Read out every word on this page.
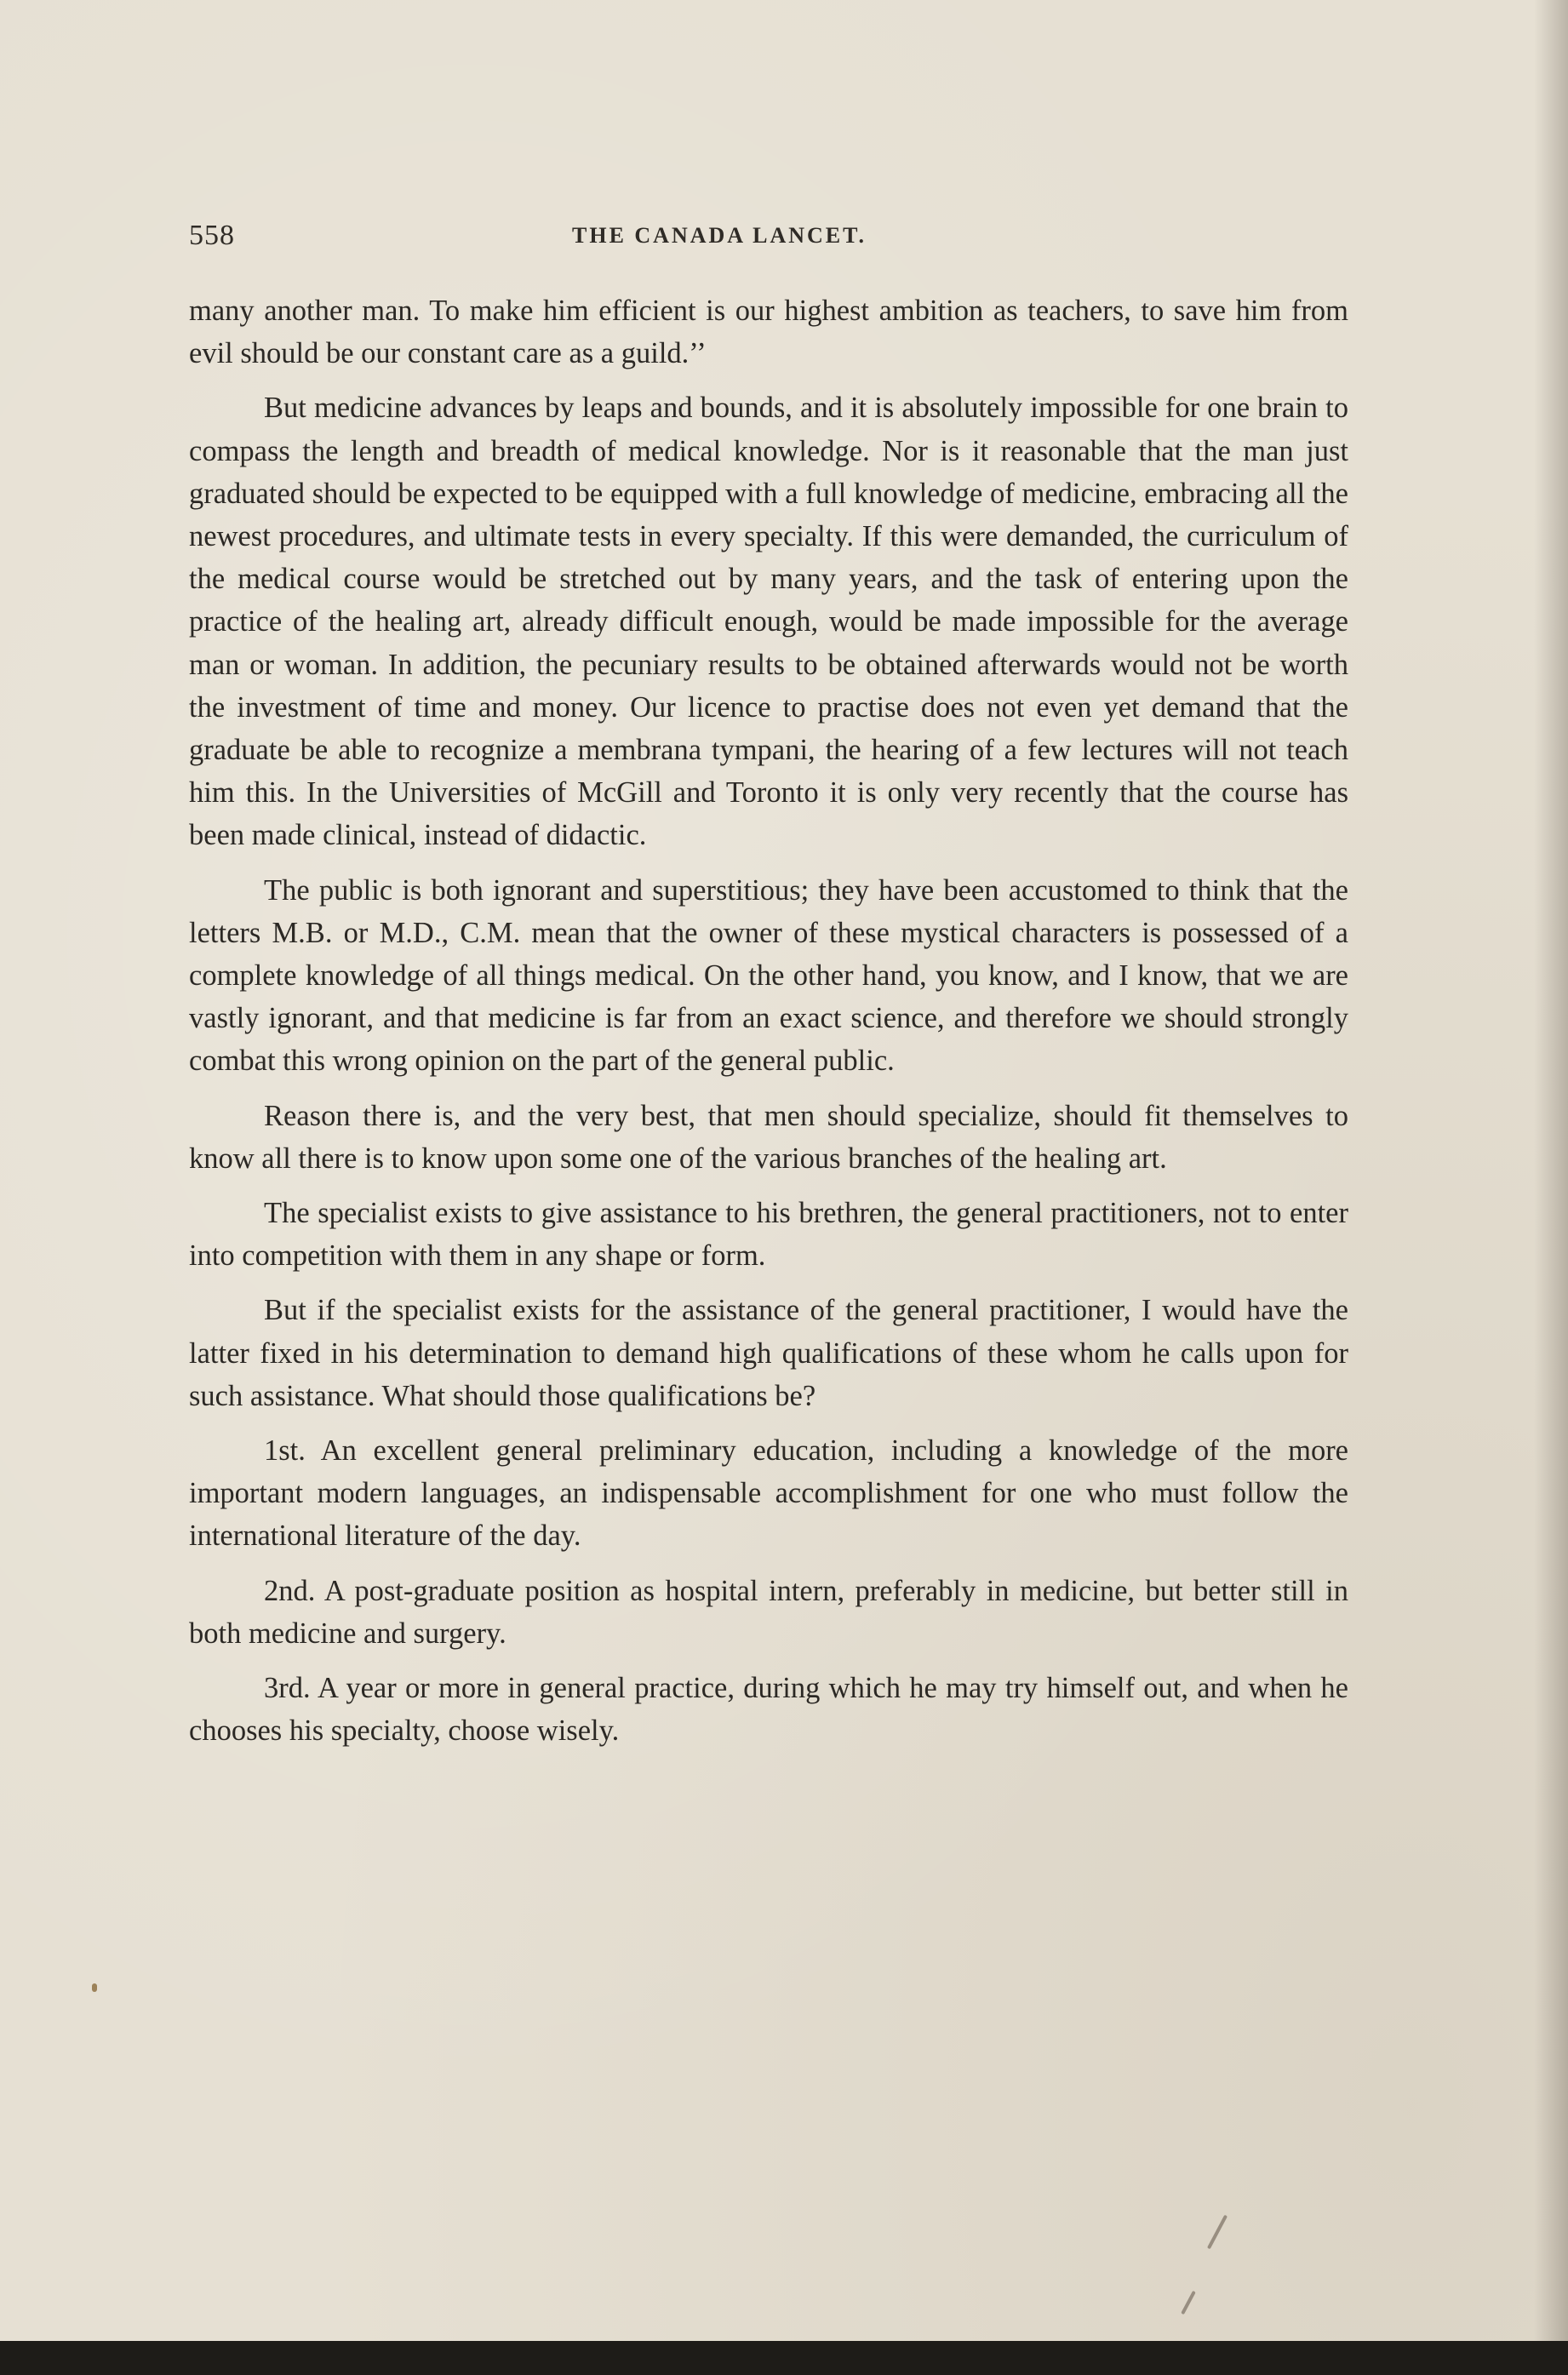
558	THE CANADA LANCET.

many another man. To make him efficient is our highest ambition as teachers, to save him from evil should be our constant care as a guild.’’

But medicine advances by leaps and bounds, and it is absolutely impossible for one brain to compass the length and breadth of medical knowledge. Nor is it reasonable that the man just graduated should be expected to be equipped with a full knowledge of medicine, embracing all the newest procedures, and ultimate tests in every specialty. If this were demanded, the curriculum of the medical course would be stretched out by many years, and the task of entering upon the practice of the healing art, already difficult enough, would be made impossible for the average man or woman. In addition, the pecuniary results to be obtained afterwards would not be worth the investment of time and money. Our licence to practise does not even yet demand that the graduate be able to recognize a membrana tympani, the hearing of a few lectures will not teach him this. In the Universities of McGill and Toronto it is only very recently that the course has been made clinical, instead of didactic.

The public is both ignorant and superstitious; they have been accustomed to think that the letters M.B. or M.D., C.M. mean that the owner of these mystical characters is possessed of a complete knowledge of all things medical. On the other hand, you know, and I know, that we are vastly ignorant, and that medicine is far from an exact science, and therefore we should strongly combat this wrong opinion on the part of the general public.

Reason there is, and the very best, that men should specialize, should fit themselves to know all there is to know upon some one of the various branches of the healing art.

The specialist exists to give assistance to his brethren, the general practitioners, not to enter into competition with them in any shape or form.

But if the specialist exists for the assistance of the general practitioner, I would have the latter fixed in his determination to demand high qualifications of these whom he calls upon for such assistance. What should those qualifications be?

1st. An excellent general preliminary education, including a knowledge of the more important modern languages, an indispensable accomplishment for one who must follow the international literature of the day.

2nd. A post-graduate position as hospital intern, preferably in medicine, but better still in both medicine and surgery.

3rd. A year or more in general practice, during which he may try himself out, and when he chooses his specialty, choose wisely.
